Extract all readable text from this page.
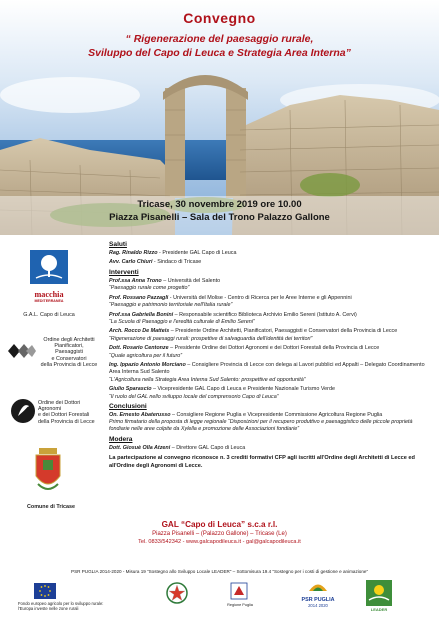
Convegno
“ Rigenerazione del paesaggio rurale,
Sviluppo del Capo di Leuca e Strategia Area Interna”
Tricase, 30 novembre 2019 ore 10.00
Piazza Pisanelli – Sala del Trono Palazzo Gallone
macchia
MEDITERRANEA
G.A.L. Capo di Leuca
Ordine degli Architetti
Pianificatori,
Paesaggisti
e Conservatori
della Provincia di Lecce
Ordine dei Dottori Agronomi
e dei Dottori Forestali
della Provincia di Lecce
Comune di Tricase
Saluti
Rag. Rinaldo Rizzo - Presidente GAL Capo di Leuca
Avv. Carlo Chiuri - Sindaco di Tricase
Interventi
Prof.ssa Anna Trono – Università del Salento
“Paesaggio rurale come progetto”
Prof. Rossano Pazzagli - Università del Molise - Centro di Ricerca per le Aree Interne e gli Appennini
“Paesaggio e patrimonio territoriale nell'Italia rurale”
Prof.ssa Gabriella Bonini – Responsabile scientifico Biblioteca Archivio Emilio Sereni (Istituto A. Cervi)
“La Scuola di Paesaggio e l'eredità culturale di Emilio Sereni”
Arch. Rocco De Matteis – Presidente Ordine Architetti, Pianificatori, Paesaggisti e Conservatori della Provincia di Lecce
“Rigenerazione di paesaggi rurali: prospettive di salvaguardia dell'identità dei territori”
Dott. Rosario Centonze – Presidente Ordine dei Dottori Agronomi e dei Dottori Forestali della Provincia di Lecce
“Quale agricoltura per il futuro”
Ing. Ippazio Antonio Morciano – Consigliere Provincia di Lecce con delega ai Lavori pubblici ed Appalti – Delegato Coordinamento Area Interna Sud Salento
“L'Agricoltura nella Strategia Area Interna Sud Salento: prospettive ed opportunità”
Giulio Sparascio – Vicepresidente GAL Capo di Leuca e Presidente Nazionale Turismo Verde
“Il ruolo del GAL nello sviluppo locale del comprensorio Capo di Leuca”
Conclusioni
On. Ernesto Abaterusso – Consigliere Regione Puglia e Vicepresidente Commissione Agricoltura Regione Puglia
Primo firmatario della proposta di legge regionale “Disposizioni per il recupero produttivo e paesaggistico delle piccole proprietà fondiarie nelle aree colpite da Xylella e promozione delle Associazioni fondiarie”
Modera
Dott. Giosuè Olla Atzeni – Direttore GAL Capo di Leuca
La partecipazione al convegno riconosce n. 3 crediti formativi CFP agli iscritti all'Ordine degli Architetti di Lecce ed all'Ordine degli Agronomi di Lecce.
GAL “Capo di Leuca” s.c.a r.l.
Piazza Pisanelli – (Palazzo Gallone) – Tricase (Le)
Tel. 0833/542342 - www.galcapodileuca.it - gal@galcapodileuca.it
PSR PUGLIA 2014-2020 - Misura 19 “Sostegno allo Sviluppo Locale LEADER” – Sottomisura 19.4 “Sostegno per i costi di gestione e animazione”
Fondo europeo agricolo per lo sviluppo rurale:
l'Europa investe nelle zone rurali
Regione Puglia
PSR PUGLIA
2014 2020
LEADER
